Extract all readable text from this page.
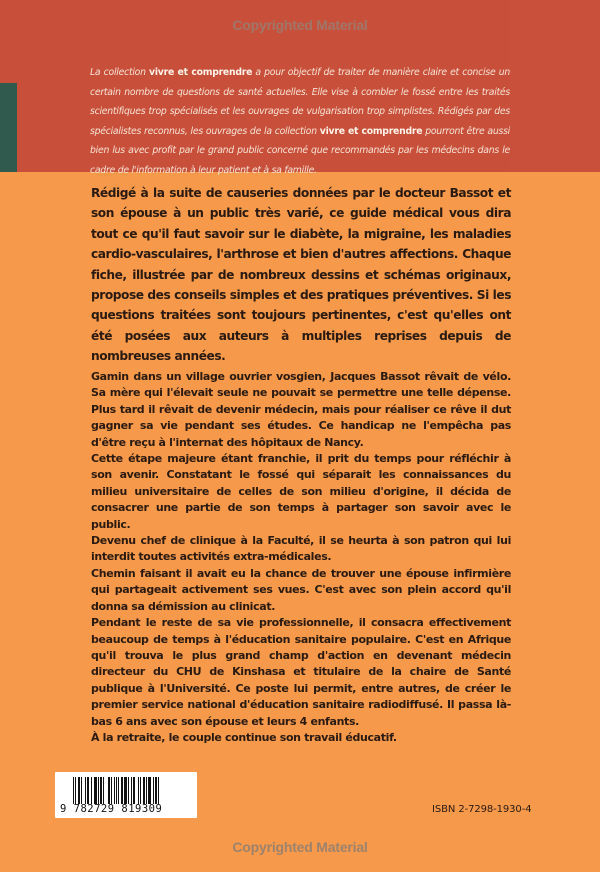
Copyrighted Material
La collection vivre et comprendre a pour objectif de traiter de manière claire et concise un certain nombre de questions de santé actuelles. Elle vise à combler le fossé entre les traités scientifiques trop spécialisés et les ouvrages de vulgarisation trop simplistes. Rédigés par des spécialistes reconnus, les ouvrages de la collection vivre et comprendre pourront être aussi bien lus avec profit par le grand public concerné que recommandés par les médecins dans le cadre de l'information à leur patient et à sa famille.
Rédigé à la suite de causeries données par le docteur Bassot et son épouse à un public très varié, ce guide médical vous dira tout ce qu'il faut savoir sur le diabète, la migraine, les maladies cardio-vasculaires, l'arthrose et bien d'autres affections. Chaque fiche, illustrée par de nombreux dessins et schémas originaux, propose des conseils simples et des pratiques préventives. Si les questions traitées sont toujours pertinentes, c'est qu'elles ont été posées aux auteurs à multiples reprises depuis de nombreuses années.

Gamin dans un village ouvrier vosgien, Jacques Bassot rêvait de vélo. Sa mère qui l'élevait seule ne pouvait se permettre une telle dépense. Plus tard il rêvait de devenir médecin, mais pour réaliser ce rêve il dut gagner sa vie pendant ses études. Ce handicap ne l'empêcha pas d'être reçu à l'internat des hôpitaux de Nancy.

Cette étape majeure étant franchie, il prit du temps pour réfléchir à son avenir. Constatant le fossé qui séparait les connaissances du milieu universitaire de celles de son milieu d'origine, il décida de consacrer une partie de son temps à partager son savoir avec le public.

Devenu chef de clinique à la Faculté, il se heurta à son patron qui lui interdit toutes activités extra-médicales.

Chemin faisant il avait eu la chance de trouver une épouse infirmière qui partageait activement ses vues. C'est avec son plein accord qu'il donna sa démission au clinicat.

Pendant le reste de sa vie professionnelle, il consacra effectivement beaucoup de temps à l'éducation sanitaire populaire. C'est en Afrique qu'il trouva le plus grand champ d'action en devenant médecin directeur du CHU de Kinshasa et titulaire de la chaire de Santé publique à l'Université. Ce poste lui permit, entre autres, de créer le premier service national d'éducation sanitaire radiodiffusé. Il passa là-bas 6 ans avec son épouse et leurs 4 enfants.

À la retraite, le couple continue son travail éducatif.

9 782729 819309	ISBN 2-7298-1930-4
Copyrighted Material
